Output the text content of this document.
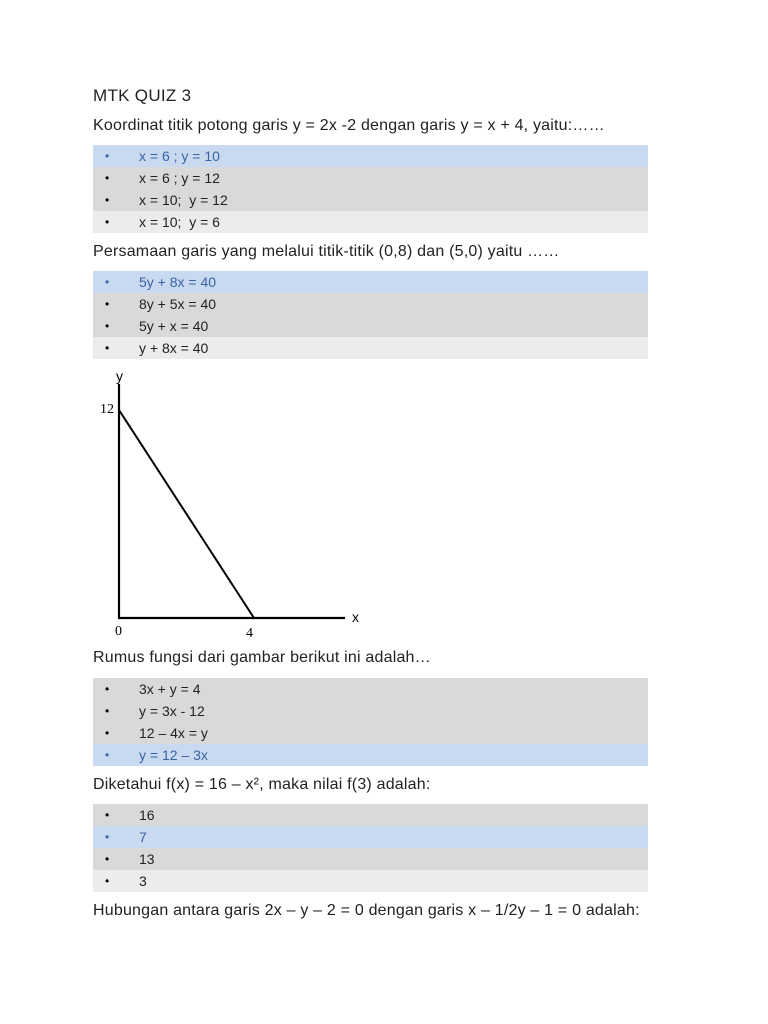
MTK QUIZ 3
Koordinat titik potong garis y = 2x -2 dengan garis y = x + 4, yaitu:……
• x = 6 ; y = 10
• x = 6 ; y = 12
• x = 10;  y = 12
• x = 10;  y = 6
Persamaan garis yang melalui titik-titik (0,8) dan (5,0) yaitu ……
• 5y + 8x = 40
• 8y + 5x = 40
• 5y + x = 40
• y + 8x = 40
y
x
12
0	4
Rumus fungsi dari gambar berikut ini adalah…
• 3x + y = 4
• y = 3x - 12
• 12 – 4x = y
• y = 12 – 3x
Diketahui f(x) = 16 – x², maka nilai f(3) adalah:
• 16
• 7
• 13
• 3
Hubungan antara garis 2x – y – 2 = 0 dengan garis x – 1/2y – 1 = 0 adalah:
